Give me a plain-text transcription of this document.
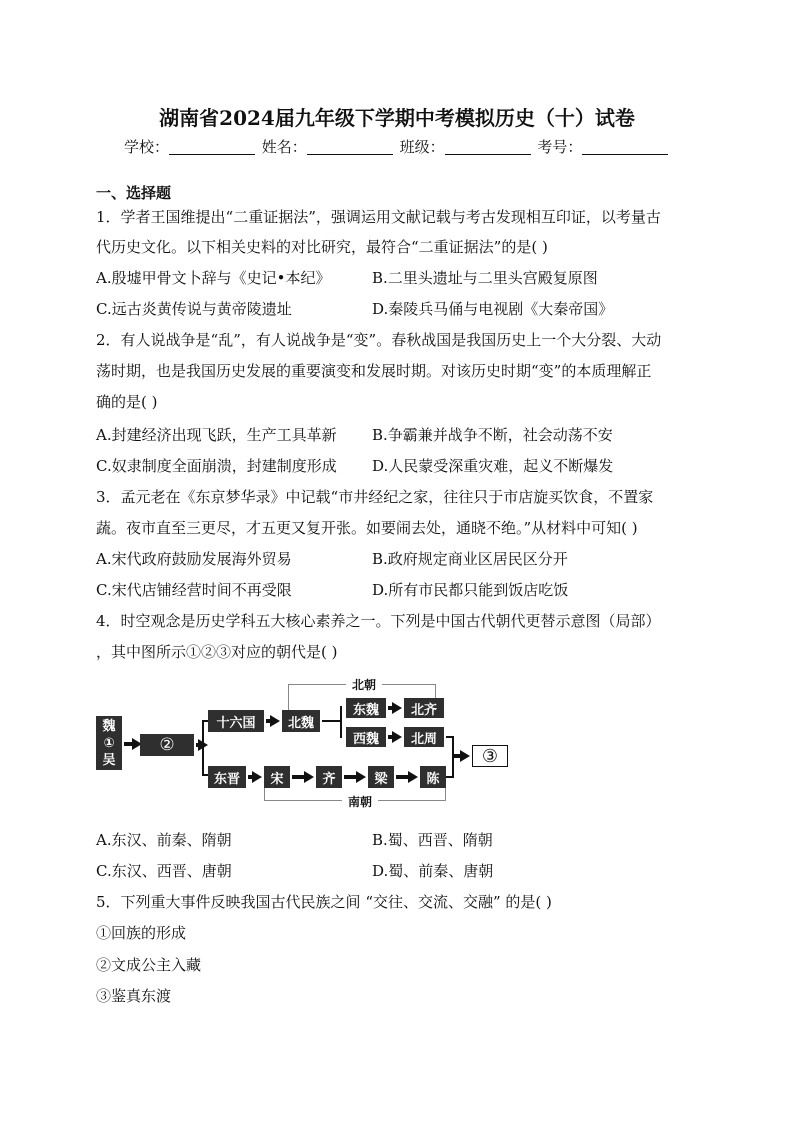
湖南省2024届九年级下学期中考模拟历史（十）试卷
学校：	姓名：	班级：	考号：
一、选择题
1．学者王国维提出“二重证据法”，强调运用文献记载与考古发现相互印证，以考量古
代历史文化。以下相关史料的对比研究，最符合“二重证据法”的是( )
A.殷墟甲骨文卜辞与《史记•本纪》	B.二里头遗址与二里头宫殿复原图
C.远古炎黄传说与黄帝陵遗址	D.秦陵兵马俑与电视剧《大秦帝国》
2．有人说战争是“乱”，有人说战争是“变”。春秋战国是我国历史上一个大分裂、大动
荡时期，也是我国历史发展的重要演变和发展时期。对该历史时期“变”的本质理解正
确的是( )
A.封建经济出现飞跃，生产工具革新 B.争霸兼并战争不断，社会动荡不安
C.奴隶制度全面崩溃，封建制度形成 D.人民蒙受深重灾难，起义不断爆发
3．孟元老在《东京梦华录》中记载“市井经纪之家，往往只于市店旋买饮食，不置家
蔬。夜市直至三更尽，才五更又复开张。如要闹去处，通晓不绝。”从材料中可知( )
A.宋代政府鼓励发展海外贸易	B.政府规定商业区居民区分开
C.宋代店铺经营时间不再受限	D.所有市民都只能到饭店吃饭
4．时空观念是历史学科五大核心素养之一。下列是中国古代朝代更替示意图（局部）
，其中图所示①②③对应的朝代是( )
魏
①
吴
②
十六国	北魏
北朝
东魏
西魏
北齐
北周
③
东晋	宋	齐	梁	陈
南朝
A.东汉、前秦、隋朝	B.蜀、西晋、隋朝
C.东汉、西晋、唐朝	D.蜀、前秦、唐朝
5．下列重大事件反映我国古代民族之间 “交往、交流、交融” 的是( )
①回族的形成
②文成公主入藏
③鉴真东渡
